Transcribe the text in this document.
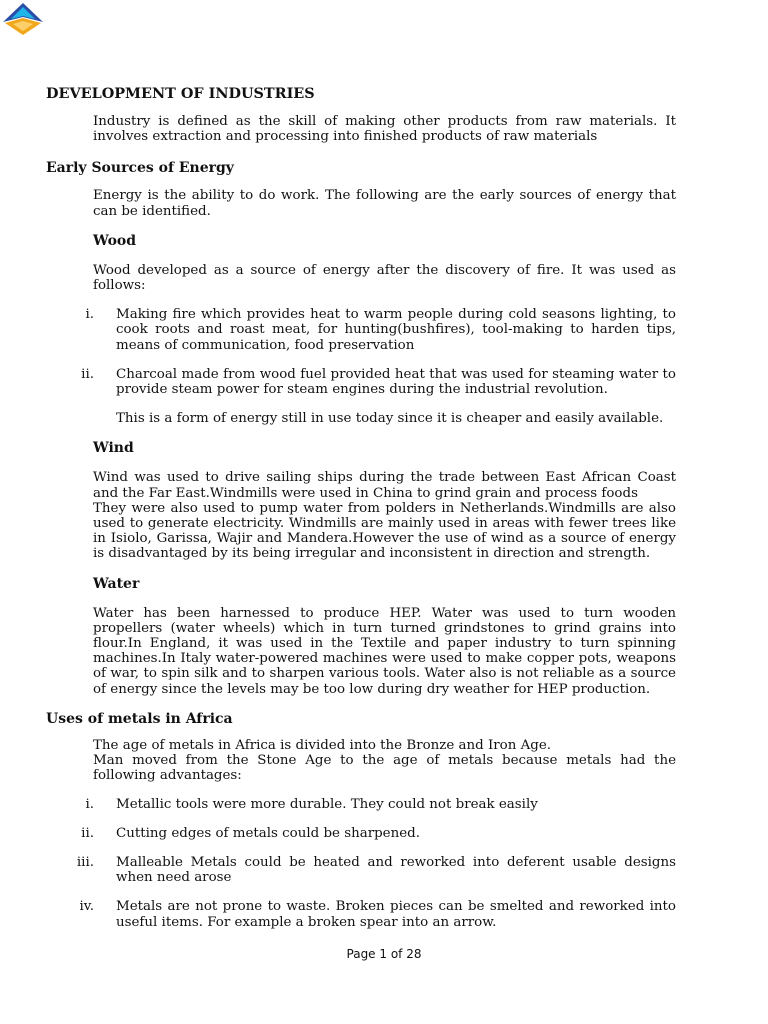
DEVELOPMENT OF INDUSTRIES

Industry is defined as the skill of making other products from raw materials. It involves extraction and processing into finished products of raw materials

Early Sources of Energy

Energy is the ability to do work. The following are the early sources of energy that can be identified.

Wood

Wood developed as a source of energy after the discovery of fire. It was used as follows:

i. Making fire which provides heat to warm people during cold seasons lighting, to cook roots and roast meat, for hunting(bushfires), tool-making to harden tips, means of communication, food preservation

ii. Charcoal made from wood fuel provided heat that was used for steaming water to provide steam power for steam engines during the industrial revolution.

This is a form of energy still in use today since it is cheaper and easily available.

Wind

Wind was used to drive sailing ships during the trade between East African Coast and the Far East.Windmills were used in China to grind grain and process foods

They were also used to pump water from polders in Netherlands.Windmills are also used to generate electricity. Windmills are mainly used in areas with fewer trees like in Isiolo, Garissa, Wajir and Mandera.However the use of wind as a source of energy is disadvantaged by its being irregular and inconsistent in direction and strength.

Water

Water has been harnessed to produce HEP. Water was used to turn wooden propellers (water wheels) which in turn turned grindstones to grind grains into flour.In England, it was used in the Textile and paper industry to turn spinning machines.In Italy water-powered machines were used to make copper pots, weapons of war, to spin silk and to sharpen various tools. Water also is not reliable as a source of energy since the levels may be too low during dry weather for HEP production.

Uses of metals in Africa

The age of metals in Africa is divided into the Bronze and Iron Age.

Man moved from the Stone Age to the age of metals because metals had the following advantages:

i. Metallic tools were more durable. They could not break easily

ii. Cutting edges of metals could be sharpened.

iii. Malleable Metals could be heated and reworked into deferent usable designs when need arose

iv. Metals are not prone to waste. Broken pieces can be smelted and reworked into useful items. For example a broken spear into an arrow.

Page 1 of 28
